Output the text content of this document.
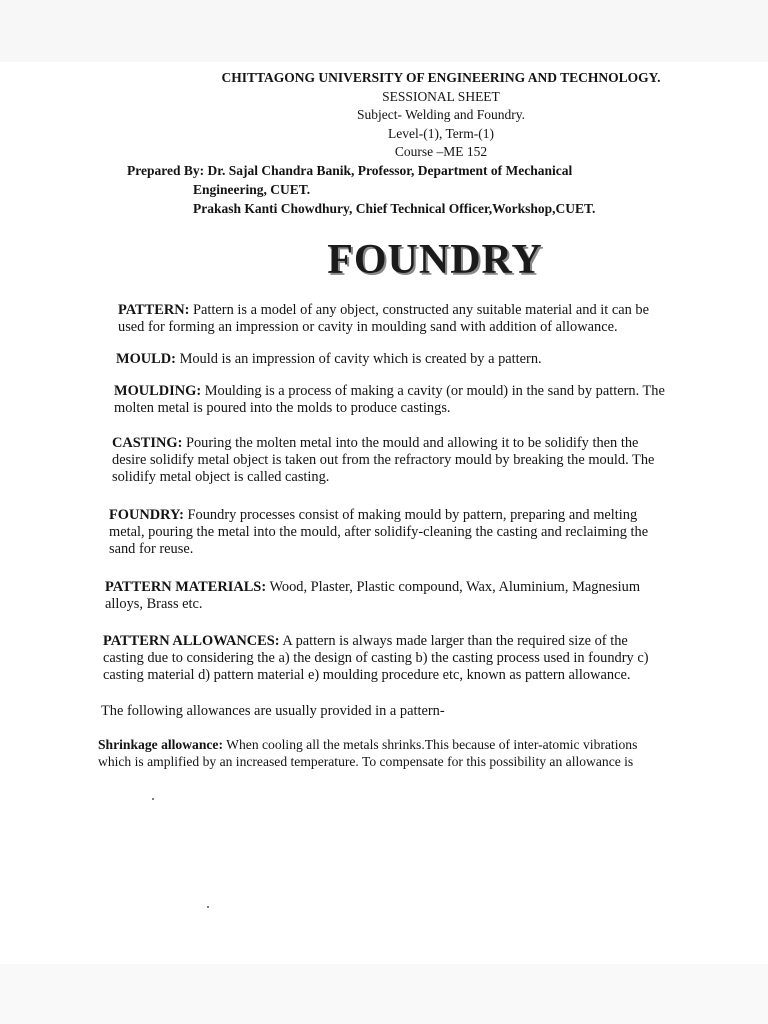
CHITTAGONG UNIVERSITY OF ENGINEERING AND TECHNOLOGY.
SESSIONAL SHEET
Subject- Welding and Foundry.
Level-(1), Term-(1)
Course –ME 152
Prepared By: Dr. Sajal Chandra Banik, Professor, Department of Mechanical
Engineering, CUET.
Prakash Kanti Chowdhury, Chief Technical Officer,Workshop,CUET.
FOUNDRY
PATTERN: Pattern is a model of any object, constructed any suitable material and it can be
used for forming an impression or cavity in moulding sand with addition of allowance.
MOULD: Mould is an impression of cavity which is created by a pattern.
MOULDING: Moulding is a process of making a cavity (or mould) in the sand by pattern. The
molten metal is poured into the molds to produce castings.
CASTING: Pouring the molten metal into the mould and allowing it to be solidify then the
desire solidify metal object is taken out from the refractory mould by breaking the mould. The
solidify metal object is called casting.
FOUNDRY: Foundry processes consist of making mould by pattern, preparing and melting
metal, pouring the metal into the mould, after solidify-cleaning the casting and reclaiming the
sand for reuse.
PATTERN MATERIALS: Wood, Plaster, Plastic compound, Wax, Aluminium, Magnesium
alloys, Brass etc.
PATTERN ALLOWANCES: A pattern is always made larger than the required size of the
casting due to considering the a) the design of casting b) the casting process used in foundry c)
casting material d) pattern material e) moulding procedure etc, known as pattern allowance.
The following allowances are usually provided in a pattern-
Shrinkage allowance: When cooling all the metals shrinks.This because of inter-atomic vibrations
which is amplified by an increased temperature. To compensate for this possibility an allowance is
